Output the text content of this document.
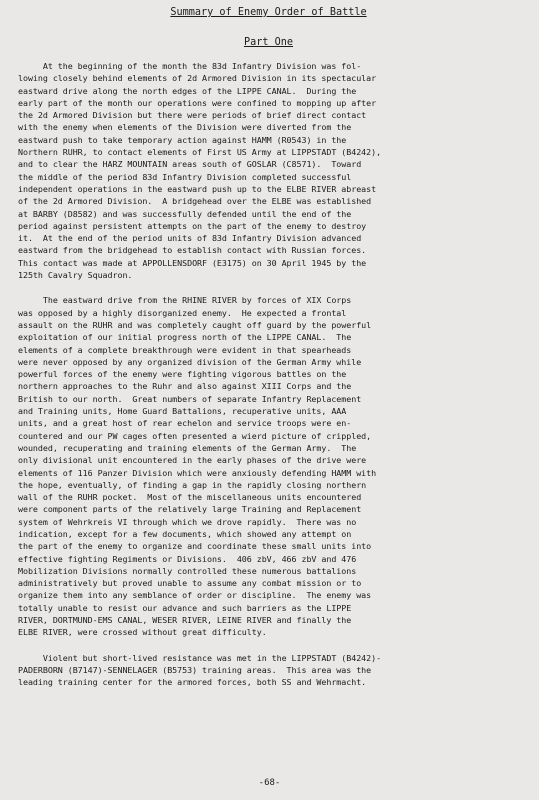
Summary of Enemy Order of Battle
Part One
At the beginning of the month the 83d Infantry Division was fol-
lowing closely behind elements of 2d Armored Division in its spectacular
eastward drive along the north edges of the LIPPE CANAL.  During the
early part of the month our operations were confined to mopping up after
the 2d Armored Division but there were periods of brief direct contact
with the enemy when elements of the Division were diverted from the
eastward push to take temporary action against HAMM (R0543) in the
Northern RUHR, to contact elements of First US Army at LIPPSTADT (B4242),
and to clear the HARZ MOUNTAIN areas south of GOSLAR (C8571).  Toward
the middle of the period 83d Infantry Division completed successful
independent operations in the eastward push up to the ELBE RIVER abreast
of the 2d Armored Division.  A bridgehead over the ELBE was established
at BARBY (D8582) and was successfully defended until the end of the
period against persistent attempts on the part of the enemy to destroy
it.  At the end of the period units of 83d Infantry Division advanced
eastward from the bridgehead to establish contact with Russian forces.
This contact was made at APPOLLENSDORF (E3175) on 30 April 1945 by the
125th Cavalry Squadron.
The eastward drive from the RHINE RIVER by forces of XIX Corps
was opposed by a highly disorganized enemy.  He expected a frontal
assault on the RUHR and was completely caught off guard by the powerful
exploitation of our initial progress north of the LIPPE CANAL.  The
elements of a complete breakthrough were evident in that spearheads
were never opposed by any organized division of the German Army while
powerful forces of the enemy were fighting vigorous battles on the
northern approaches to the Ruhr and also against XIII Corps and the
British to our north.  Great numbers of separate Infantry Replacement
and Training units, Home Guard Battalions, recuperative units, AAA
units, and a great host of rear echelon and service troops were en-
countered and our PW cages often presented a wierd picture of crippled,
wounded, recuperating and training elements of the German Army.  The
only divisional unit encountered in the early phases of the drive were
elements of 116 Panzer Division which were anxiously defending HAMM with
the hope, eventually, of finding a gap in the rapidly closing northern
wall of the RUHR pocket.  Most of the miscellaneous units encountered
were component parts of the relatively large Training and Replacement
system of Wehrkreis VI through which we drove rapidly.  There was no
indication, except for a few documents, which showed any attempt on
the part of the enemy to organize and coordinate these small units into
effective fighting Regiments or Divisions.  406 zbV, 466 zbV and 476
Mobilization Divisions normally controlled these numerous battalions
administratively but proved unable to assume any combat mission or to
organize them into any semblance of order or discipline.  The enemy was
totally unable to resist our advance and such barriers as the LIPPE
RIVER, DORTMUND-EMS CANAL, WESER RIVER, LEINE RIVER and finally the
ELBE RIVER, were crossed without great difficulty.
Violent but short-lived resistance was met in the LIPPSTADT (B4242)-
PADERBORN (B7147)-SENNELAGER (B5753) training areas.  This area was the
leading training center for the armored forces, both SS and Wehrmacht.
-68-
